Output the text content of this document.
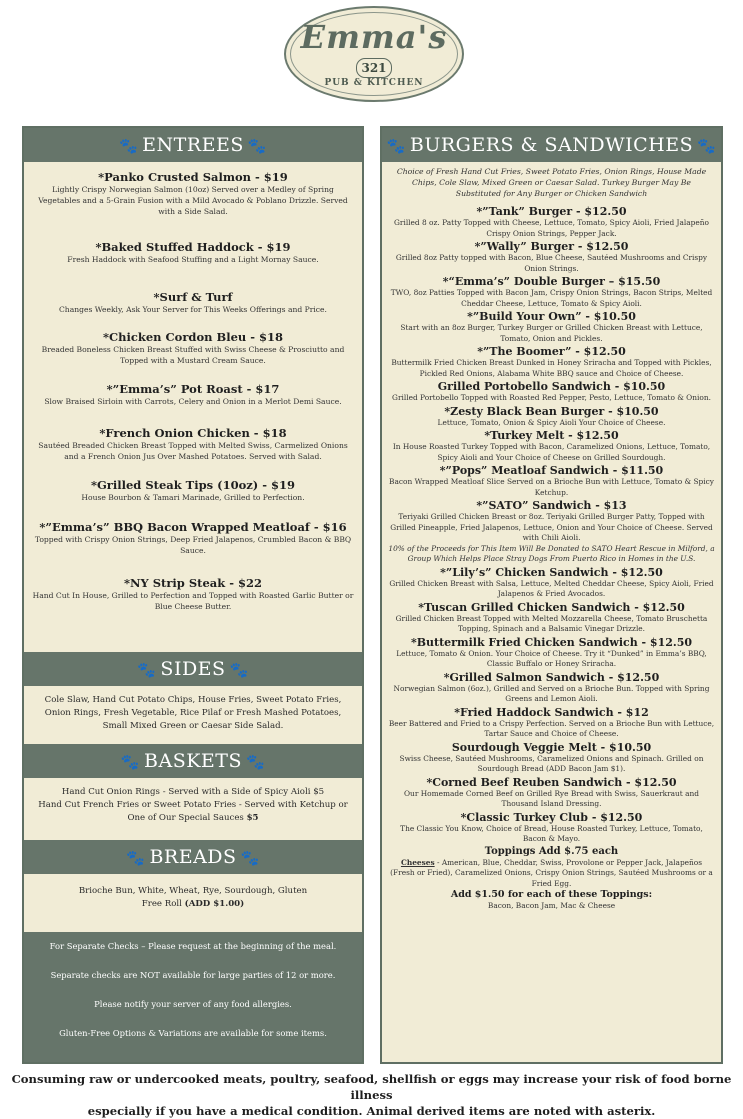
Emma's
321
PUB & KITCHEN
🐾 ENTREES 🐾
*Panko Crusted Salmon - $19
Lightly Crispy Norwegian Salmon (10oz) Served over a Medley of Spring Vegetables and a 5-Grain Fusion with a Mild Avocado & Poblano Drizzle. Served with a Side Salad.
*Baked Stuffed Haddock - $19
Fresh Haddock with Seafood Stuffing and a Light Mornay Sauce.
*Surf & Turf
Changes Weekly, Ask Your Server for This Weeks Offerings and Price.
*Chicken Cordon Bleu - $18
Breaded Boneless Chicken Breast Stuffed with Swiss Cheese & Prosciutto and Topped with a Mustard Cream Sauce.
*”Emma’s” Pot Roast - $17
Slow Braised Sirloin with Carrots, Celery and Onion in a Merlot Demi Sauce.
*French Onion Chicken - $18
Sautéed Breaded Chicken Breast Topped with Melted Swiss, Carmelized Onions and a French Onion Jus Over Mashed Potatoes. Served with Salad.
*Grilled Steak Tips (10oz) - $19
House Bourbon & Tamari Marinade, Grilled to Perfection.
*”Emma’s” BBQ Bacon Wrapped Meatloaf - $16
Topped with Crispy Onion Strings, Deep Fried Jalapenos, Crumbled Bacon & BBQ Sauce.
*NY Strip Steak - $22
Hand Cut In House, Grilled to Perfection and Topped with Roasted Garlic Butter or Blue Cheese Butter.
🐾 SIDES 🐾
Cole Slaw, Hand Cut Potato Chips, House Fries, Sweet Potato Fries, Onion Rings, Fresh Vegetable, Rice Pilaf or Fresh Mashed Potatoes, Small Mixed Green or Caesar Side Salad.
🐾 BASKETS 🐾
Hand Cut Onion Rings - Served with a Side of Spicy Aioli $5
Hand Cut French Fries or Sweet Potato Fries - Served with Ketchup or One of Our Special Sauces $5
🐾 BREADS 🐾
Brioche Bun, White, Wheat, Rye, Sourdough, Gluten Free Roll (ADD $1.00)
For Separate Checks – Please request at the beginning of the meal.
Separate checks are NOT available for large parties of 12 or more.
Please notify your server of any food allergies.
Gluten-Free Options & Variations are available for some items.
🐾 BURGERS & SANDWICHES 🐾
Choice of Fresh Hand Cut Fries, Sweet Potato Fries, Onion Rings, House Made Chips, Cole Slaw, Mixed Green or Caesar Salad. Turkey Burger May Be Substituted for Any Burger or Chicken Sandwich
*”Tank” Burger - $12.50
Grilled 8 oz. Patty Topped with Cheese, Lettuce, Tomato, Spicy Aioli, Fried Jalapeño Crispy Onion Strings, Pepper Jack.
*”Wally” Burger - $12.50
Grilled 8oz Patty topped with Bacon, Blue Cheese, Sautéed Mushrooms and Crispy Onion Strings.
*“Emma’s” Double Burger – $15.50
TWO, 8oz Patties Topped with Bacon Jam, Crispy Onion Strings, Bacon Strips, Melted Cheddar Cheese, Lettuce, Tomato & Spicy Aioli.
*”Build Your Own” - $10.50
Start with an 8oz Burger, Turkey Burger or Grilled Chicken Breast with Lettuce, Tomato, Onion and Pickles.
*”The Boomer” - $12.50
Buttermilk Fried Chicken Breast Dunked in Honey Sriracha and Topped with Pickles, Pickled Red Onions, Alabama White BBQ sauce and Choice of Cheese.
Grilled Portobello Sandwich - $10.50
Grilled Portobello Topped with Roasted Red Pepper, Pesto, Lettuce, Tomato & Onion.
*Zesty Black Bean Burger - $10.50
Lettuce, Tomato, Onion & Spicy Aioli Your Choice of Cheese.
*Turkey Melt - $12.50
In House Roasted Turkey Topped with Bacon, Caramelized Onions, Lettuce, Tomato, Spicy Aioli and Your Choice of Cheese on Grilled Sourdough.
*”Pops” Meatloaf Sandwich - $11.50
Bacon Wrapped Meatloaf Slice Served on a Brioche Bun with Lettuce, Tomato & Spicy Ketchup.
*”SATO” Sandwich - $13
Teriyaki Grilled Chicken Breast or 8oz. Teriyaki Grilled Burger Patty, Topped with Grilled Pineapple, Fried Jalapenos, Lettuce, Onion and Your Choice of Cheese. Served with Chili Aioli.
10% of the Proceeds for This Item Will Be Donated to SATO Heart Rescue in Milford, a Group Which Helps Place Stray Dogs From Puerto Rico in Homes in the U.S.
*”Lily’s” Chicken Sandwich - $12.50
Grilled Chicken Breast with Salsa, Lettuce, Melted Cheddar Cheese, Spicy Aioli, Fried Jalapenos & Fried Avocados.
*Tuscan Grilled Chicken Sandwich - $12.50
Grilled Chicken Breast Topped with Melted Mozzarella Cheese, Tomato Bruschetta Topping, Spinach and a Balsamic Vinegar Drizzle.
*Buttermilk Fried Chicken Sandwich - $12.50
Lettuce, Tomato & Onion. Your Choice of Cheese. Try it “Dunked” in Emma’s BBQ, Classic Buffalo or Honey Sriracha.
*Grilled Salmon Sandwich - $12.50
Norwegian Salmon (6oz.), Grilled and Served on a Brioche Bun. Topped with Spring Greens and Lemon Aioli.
*Fried Haddock Sandwich - $12
Beer Battered and Fried to a Crispy Perfection. Served on a Brioche Bun with Lettuce, Tartar Sauce and Choice of Cheese.
Sourdough Veggie Melt - $10.50
Swiss Cheese, Sautéed Mushrooms, Caramelized Onions and Spinach. Grilled on Sourdough Bread (ADD Bacon Jam $1).
*Corned Beef Reuben Sandwich - $12.50
Our Homemade Corned Beef on Grilled Rye Bread with Swiss, Sauerkraut and Thousand Island Dressing.
*Classic Turkey Club - $12.50
The Classic You Know, Choice of Bread, House Roasted Turkey, Lettuce, Tomato, Bacon & Mayo.
Toppings Add $.75 each
Cheeses - American, Blue, Cheddar, Swiss, Provolone or Pepper Jack, Jalapeños (Fresh or Fried), Caramelized Onions, Crispy Onion Strings, Sautéed Mushrooms or a Fried Egg.
Add $1.50 for each of these Toppings:
Bacon, Bacon Jam, Mac & Cheese
Consuming raw or undercooked meats, poultry, seafood, shellfish or eggs may increase your risk of food borne illness
especially if you have a medical condition. Animal derived items are noted with asterix.
